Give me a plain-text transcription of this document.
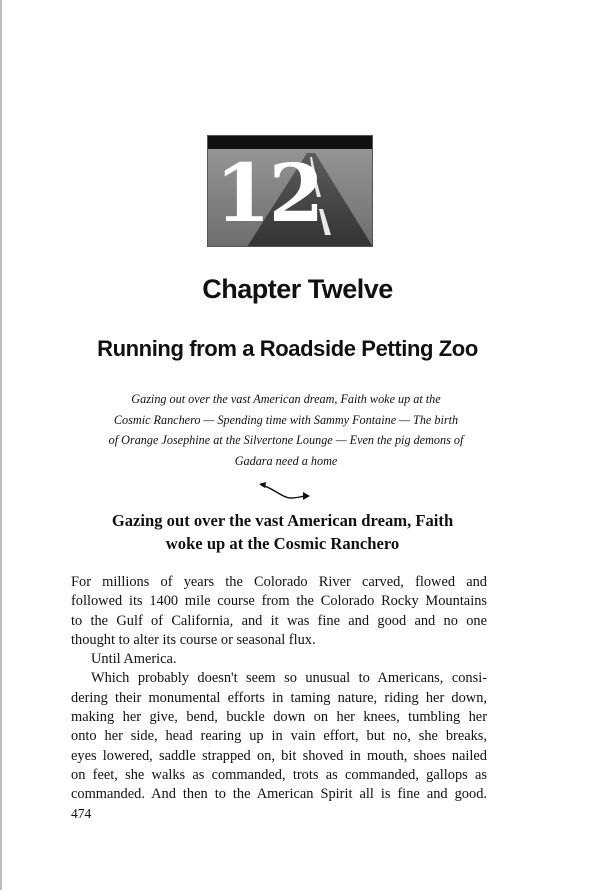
12
Chapter Twelve
Running from a Roadside Petting Zoo
Gazing out over the vast American dream, Faith woke up at the
Cosmic Ranchero — Spending time with Sammy Fontaine — The birth
of Orange Josephine at the Silvertone Lounge — Even the pig demons of
Gadara need a home
Gazing out over the vast American dream, Faith
woke up at the Cosmic Ranchero
For millions of years the Colorado River carved, flowed and
followed its 1400 mile course from the Colorado Rocky Mountains
to the Gulf of California, and it was fine and good and no one
thought to alter its course or seasonal flux.
Until America.
Which probably doesn't seem so unusual to Americans, consi-
dering their monumental efforts in taming nature, riding her down,
making her give, bend, buckle down on her knees, tumbling her
onto her side, head rearing up in vain effort, but no, she breaks,
eyes lowered, saddle strapped on, bit shoved in mouth, shoes nailed
on feet, she walks as commanded, trots as commanded, gallops as
commanded. And then to the American Spirit all is fine and good.
474
